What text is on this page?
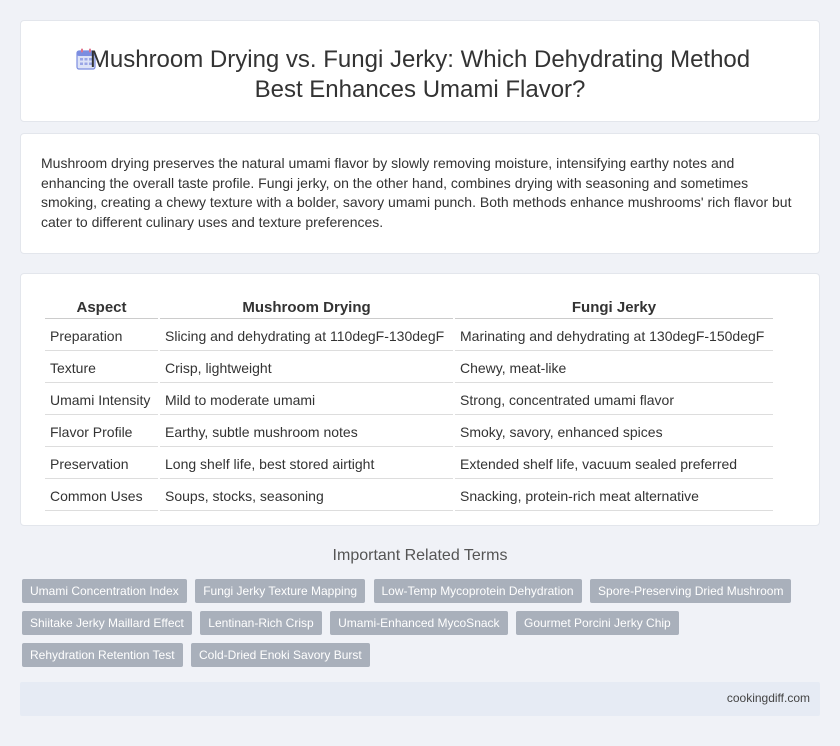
Mushroom Drying vs. Fungi Jerky: Which Dehydrating Method
Best Enhances Umami Flavor?
Mushroom drying preserves the natural umami flavor by slowly removing moisture, intensifying earthy notes and enhancing the overall taste profile. Fungi jerky, on the other hand, combines drying with seasoning and sometimes smoking, creating a chewy texture with a bolder, savory umami punch. Both methods enhance mushrooms' rich flavor but cater to different culinary uses and texture preferences.
Aspect	Mushroom Drying	Fungi Jerky
Preparation	Slicing and dehydrating at 110degF-130degF	Marinating and dehydrating at 130degF-150degF
Texture	Crisp, lightweight	Chewy, meat-like
Umami Intensity	Mild to moderate umami	Strong, concentrated umami flavor
Flavor Profile	Earthy, subtle mushroom notes	Smoky, savory, enhanced spices
Preservation	Long shelf life, best stored airtight	Extended shelf life, vacuum sealed preferred
Common Uses	Soups, stocks, seasoning	Snacking, protein-rich meat alternative
Important Related Terms
Umami Concentration Index Fungi Jerky Texture Mapping Low-Temp Mycoprotein Dehydration Spore-Preserving Dried Mushroom Shiitake Jerky Maillard Effect Lentinan-Rich Crisp Umami-Enhanced MycoSnack Gourmet Porcini Jerky Chip Rehydration Retention Test Cold-Dried Enoki Savory Burst
cookingdiff.com
